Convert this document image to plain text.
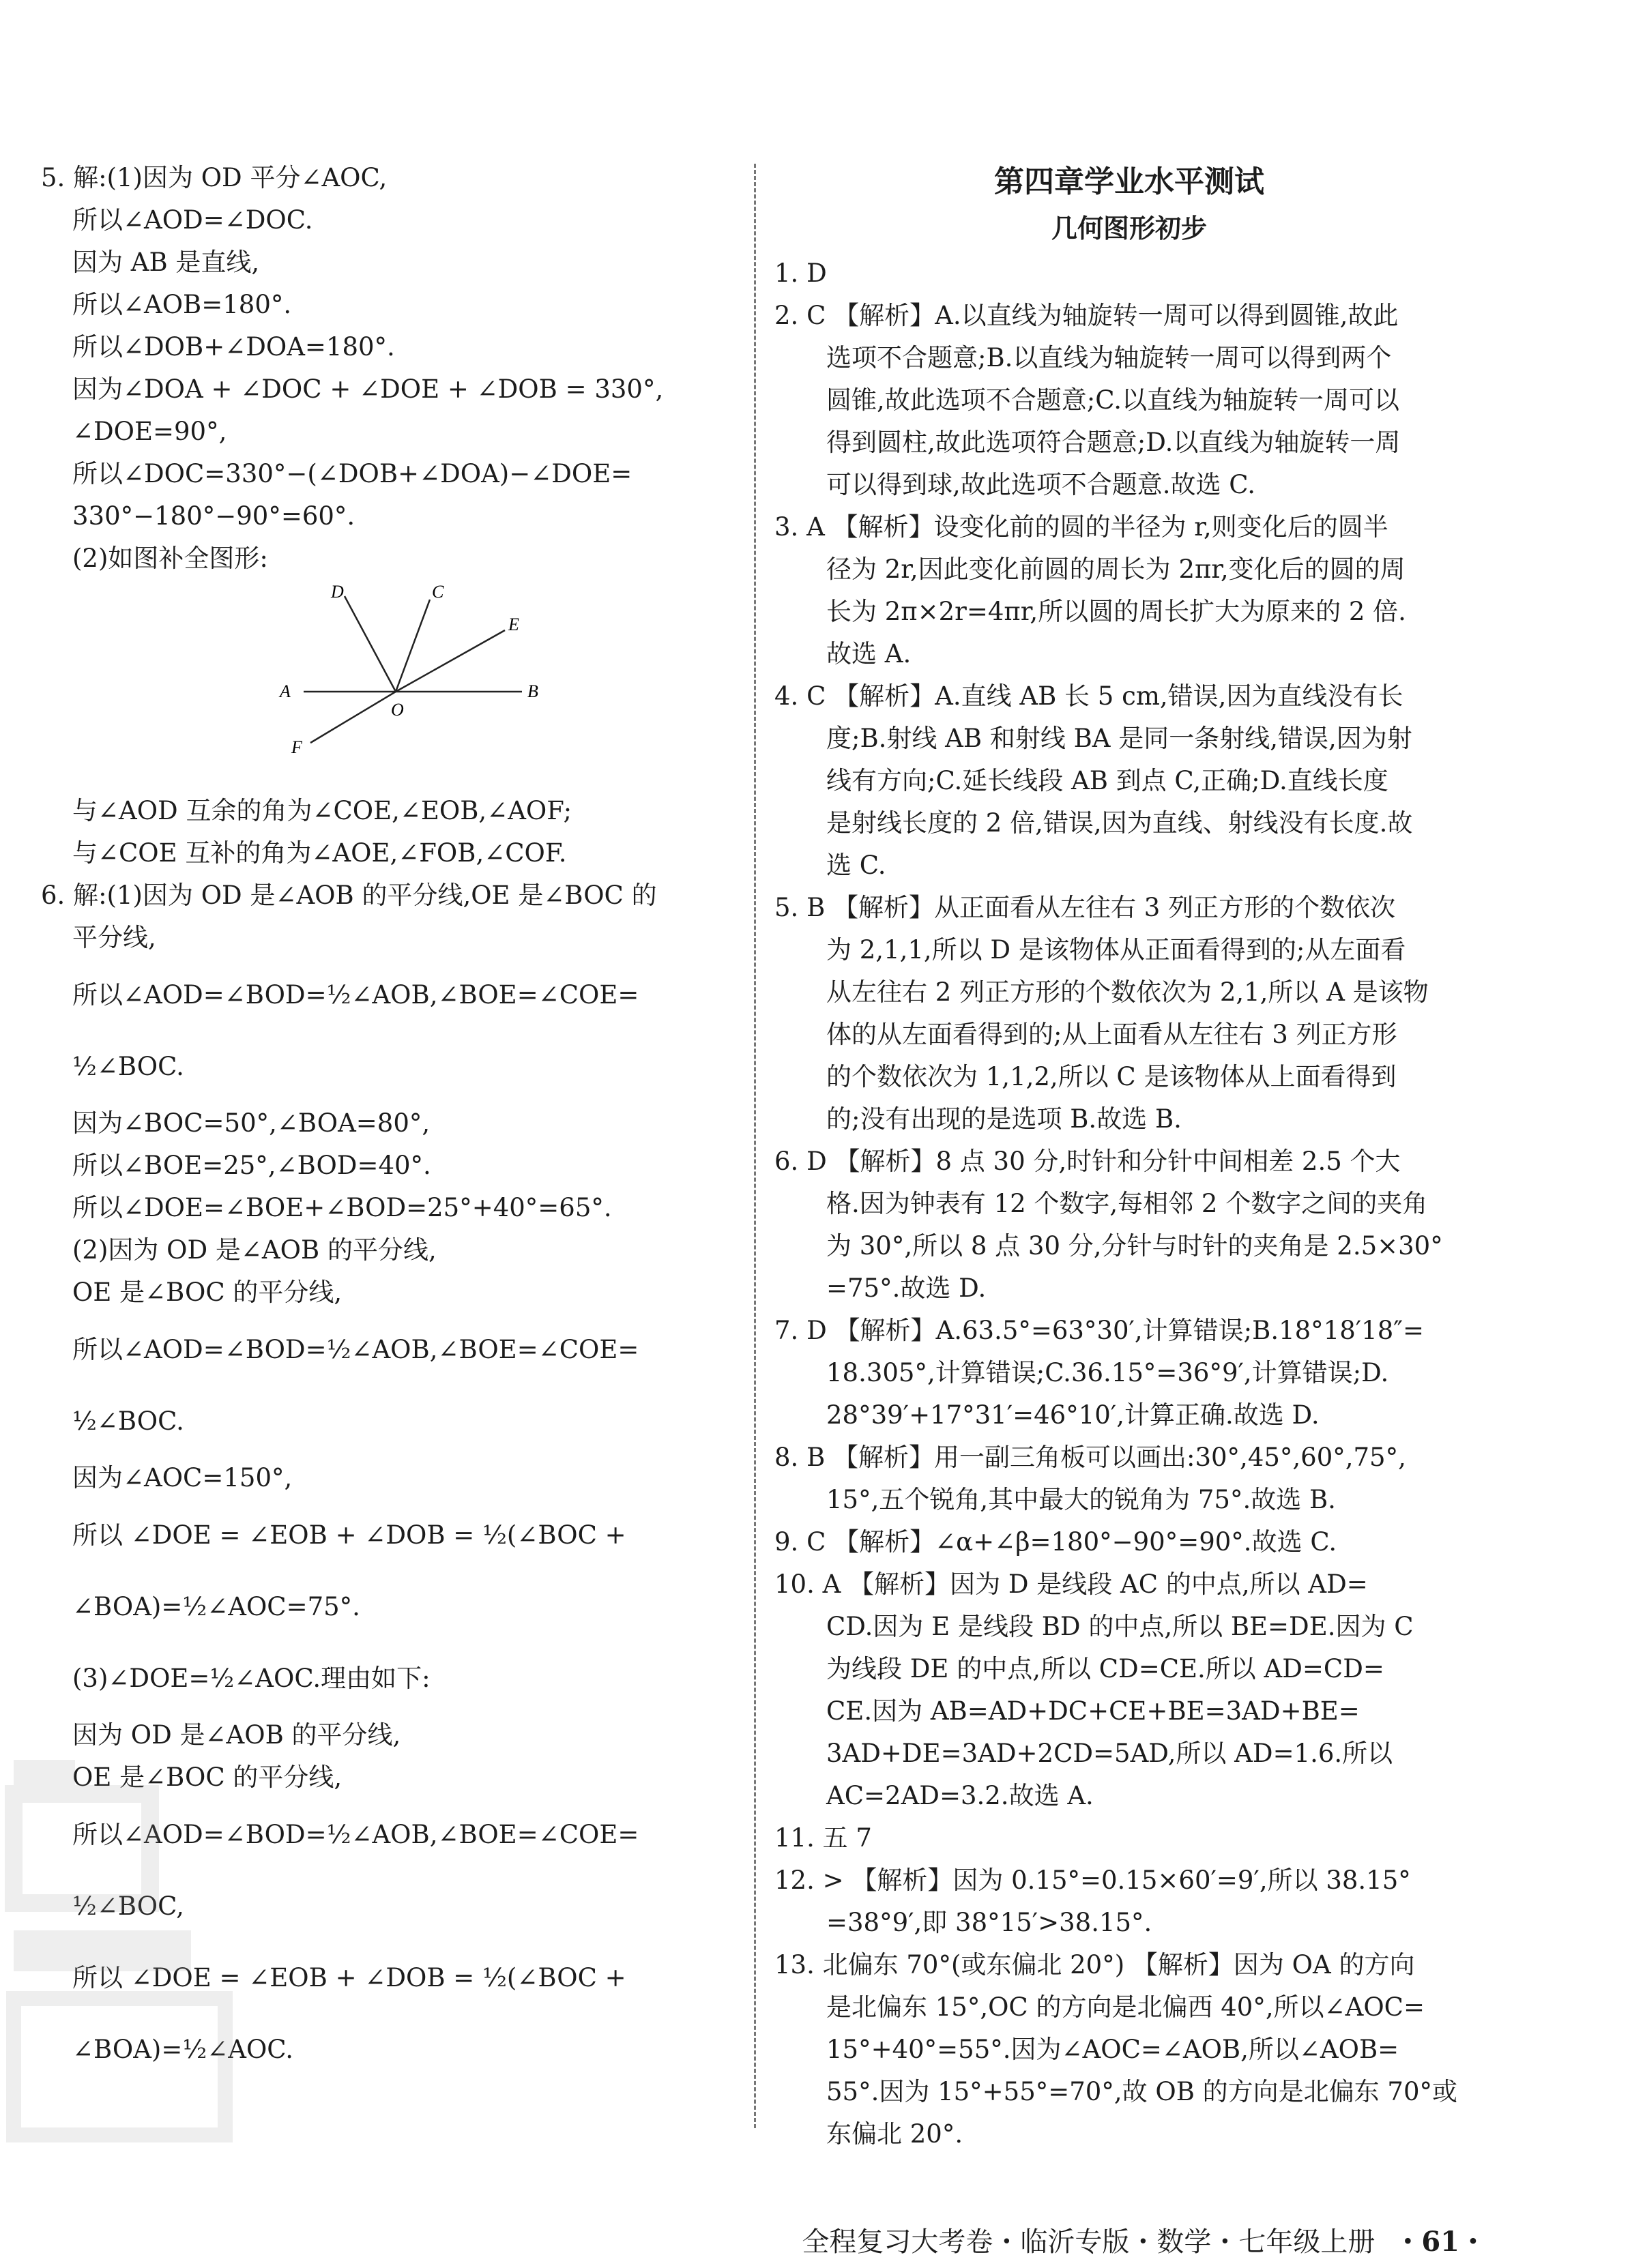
5. 解:(1)因为 OD 平分∠AOC,
所以∠AOD=∠DOC.
因为 AB 是直线,
所以∠AOB=180°.
所以∠DOB+∠DOA=180°.
因为∠DOA + ∠DOC + ∠DOE + ∠DOB = 330°,
∠DOE=90°,
所以∠DOC=330°−(∠DOB+∠DOA)−∠DOE=
330°−180°−90°=60°.
(2)如图补全图形:
D	C
E
A
O
B
F
与∠AOD 互余的角为∠COE,∠EOB,∠AOF;
与∠COE 互补的角为∠AOE,∠FOB,∠COF.
6. 解:(1)因为 OD 是∠AOB 的平分线,OE 是∠BOC 的
平分线,
所以∠AOD=∠BOD=½∠AOB,∠BOE=∠COE=
½∠BOC.
因为∠BOC=50°,∠BOA=80°,
所以∠BOE=25°,∠BOD=40°.
所以∠DOE=∠BOE+∠BOD=25°+40°=65°.
(2)因为 OD 是∠AOB 的平分线,
OE 是∠BOC 的平分线,
所以∠AOD=∠BOD=½∠AOB,∠BOE=∠COE=
½∠BOC.
因为∠AOC=150°,
所以 ∠DOE = ∠EOB + ∠DOB = ½(∠BOC +
∠BOA)=½∠AOC=75°.
(3)∠DOE=½∠AOC.理由如下:
因为 OD 是∠AOB 的平分线,
OE 是∠BOC 的平分线,
所以∠AOD=∠BOD=½∠AOB,∠BOE=∠COE=
½∠BOC,
所以 ∠DOE = ∠EOB + ∠DOB = ½(∠BOC +
∠BOA)=½∠AOC.
第四章学业水平测试
几何图形初步
1. D
2. C 【解析】A.以直线为轴旋转一周可以得到圆锥,故此
选项不合题意;B.以直线为轴旋转一周可以得到两个
圆锥,故此选项不合题意;C.以直线为轴旋转一周可以
得到圆柱,故此选项符合题意;D.以直线为轴旋转一周
可以得到球,故此选项不合题意.故选 C.
3. A 【解析】设变化前的圆的半径为 r,则变化后的圆半
径为 2r,因此变化前圆的周长为 2πr,变化后的圆的周
长为 2π×2r=4πr,所以圆的周长扩大为原来的 2 倍.
故选 A.
4. C 【解析】A.直线 AB 长 5 cm,错误,因为直线没有长
度;B.射线 AB 和射线 BA 是同一条射线,错误,因为射
线有方向;C.延长线段 AB 到点 C,正确;D.直线长度
是射线长度的 2 倍,错误,因为直线、射线没有长度.故
选 C.
5. B 【解析】从正面看从左往右 3 列正方形的个数依次
为 2,1,1,所以 D 是该物体从正面看得到的;从左面看
从左往右 2 列正方形的个数依次为 2,1,所以 A 是该物
体的从左面看得到的;从上面看从左往右 3 列正方形
的个数依次为 1,1,2,所以 C 是该物体从上面看得到
的;没有出现的是选项 B.故选 B.
6. D 【解析】8 点 30 分,时针和分针中间相差 2.5 个大
格.因为钟表有 12 个数字,每相邻 2 个数字之间的夹角
为 30°,所以 8 点 30 分,分针与时针的夹角是 2.5×30°
=75°.故选 D.
7. D 【解析】A.63.5°=63°30′,计算错误;B.18°18′18″=
18.305°,计算错误;C.36.15°=36°9′,计算错误;D.
28°39′+17°31′=46°10′,计算正确.故选 D.
8. B 【解析】用一副三角板可以画出:30°,45°,60°,75°,
15°,五个锐角,其中最大的锐角为 75°.故选 B.
9. C 【解析】∠α+∠β=180°−90°=90°.故选 C.
10. A 【解析】因为 D 是线段 AC 的中点,所以 AD=
CD.因为 E 是线段 BD 的中点,所以 BE=DE.因为 C
为线段 DE 的中点,所以 CD=CE.所以 AD=CD=
CE.因为 AB=AD+DC+CE+BE=3AD+BE=
3AD+DE=3AD+2CD=5AD,所以 AD=1.6.所以
AC=2AD=3.2.故选 A.
11. 五 7
12. > 【解析】因为 0.15°=0.15×60′=9′,所以 38.15°
=38°9′,即 38°15′>38.15°.
13. 北偏东 70°(或东偏北 20°) 【解析】因为 OA 的方向
是北偏东 15°,OC 的方向是北偏西 40°,所以∠AOC=
15°+40°=55°.因为∠AOC=∠AOB,所以∠AOB=
55°.因为 15°+55°=70°,故 OB 的方向是北偏东 70°或
东偏北 20°.
全程复习大考卷・临沂专版・数学・七年级上册 ・61・
